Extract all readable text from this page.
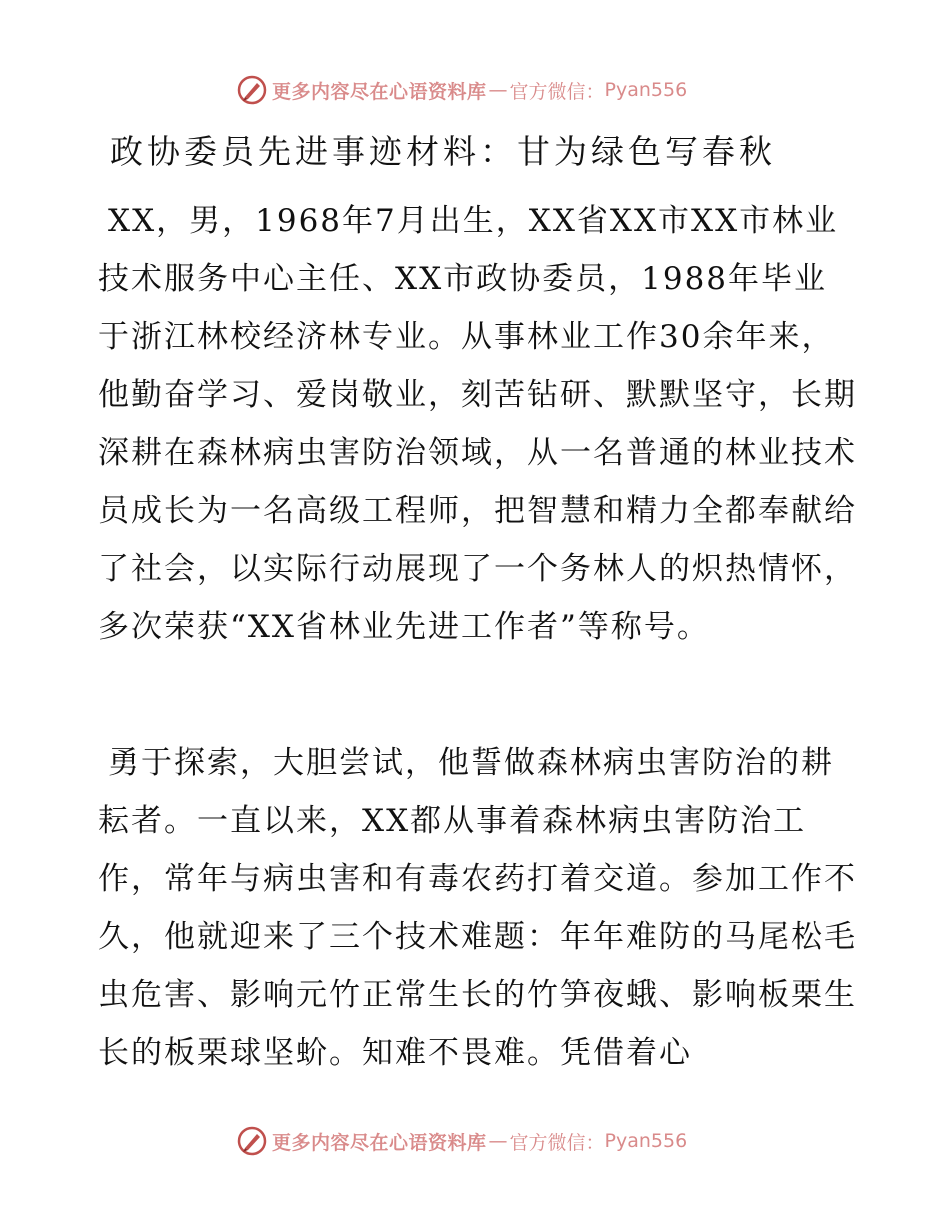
更多内容尽在心语资料库 — 官方微信： Pyan556
政协委员先进事迹材料：甘为绿色写春秋

XX，男，1968年7月出生，XX省XX市XX市林业技术服务中心主任、XX市政协委员，1988年毕业于浙江林校经济林专业。从事林业工作30余年来，他勤奋学习、爱岗敬业，刻苦钻研、默默坚守，长期深耕在森林病虫害防治领域，从一名普通的林业技术员成长为一名高级工程师，把智慧和精力全都奉献给了社会，以实际行动展现了一个务林人的炽热情怀，多次荣获“XX省林业先进工作者”等称号。

勇于探索，大胆尝试，他誓做森林病虫害防治的耕耘者。一直以来，XX都从事着森林病虫害防治工作，常年与病虫害和有毒农药打着交道。参加工作不久，他就迎来了三个技术难题：年年难防的马尾松毛虫危害、影响元竹正常生长的竹笋夜蛾、影响板栗生长的板栗球坚蚧。知难不畏难。凭借着心

更多内容尽在心语资料库 — 官方微信： Pyan556
